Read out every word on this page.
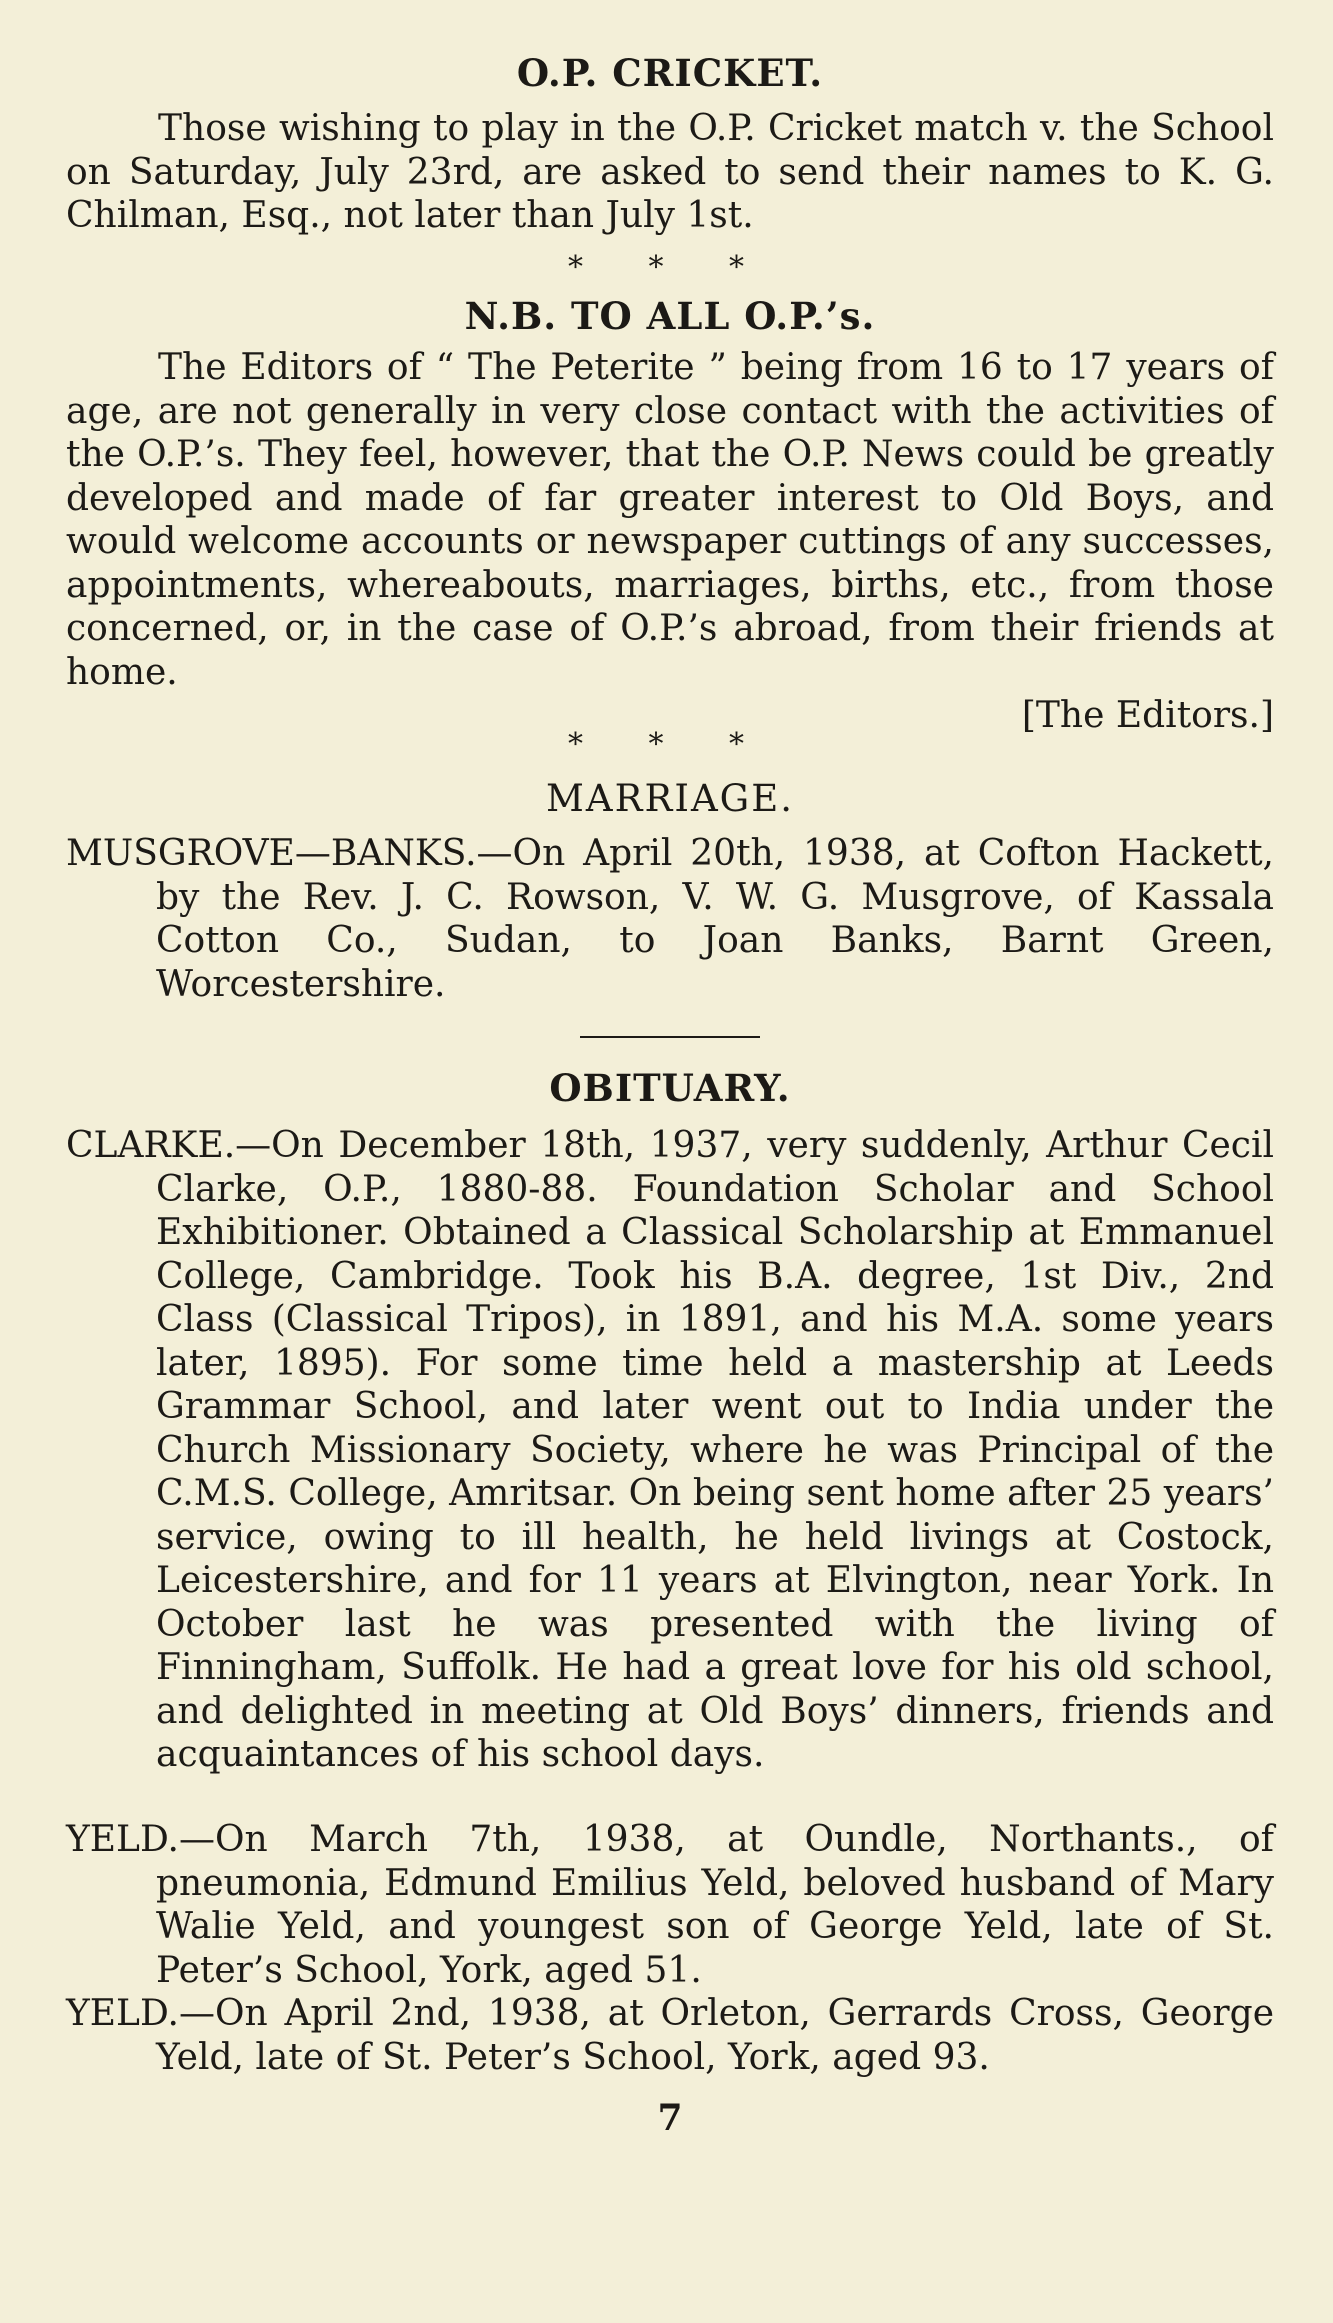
O.P. CRICKET.
Those wishing to play in the O.P. Cricket match v. the School on Saturday, July 23rd, are asked to send their names to K. G. Chilman, Esq., not later than July 1st.
* * *
N.B. TO ALL O.P.’s.
The Editors of “ The Peterite ” being from 16 to 17 years of age, are not generally in very close contact with the activities of the O.P.’s. They feel, however, that the O.P. News could be greatly developed and made of far greater interest to Old Boys, and would welcome accounts or newspaper cuttings of any successes, appointments, whereabouts, marriages, births, etc., from those concerned, or, in the case of O.P.’s abroad, from their friends at home.
[The Editors.]
* * *
MARRIAGE.
MUSGROVE—BANKS.—On April 20th, 1938, at Cofton Hackett, by the Rev. J. C. Rowson, V. W. G. Musgrove, of Kassala Cotton Co., Sudan, to Joan Banks, Barnt Green, Worcestershire.
OBITUARY.
CLARKE.—On December 18th, 1937, very suddenly, Arthur Cecil Clarke, O.P., 1880-88. Foundation Scholar and School Exhibitioner. Obtained a Classical Scholarship at Emmanuel College, Cambridge. Took his B.A. degree, 1st Div., 2nd Class (Classical Tripos), in 1891, and his M.A. some years later, 1895). For some time held a mastership at Leeds Grammar School, and later went out to India under the Church Missionary Society, where he was Principal of the C.M.S. College, Amritsar. On being sent home after 25 years’ service, owing to ill health, he held livings at Costock, Leicestershire, and for 11 years at Elvington, near York. In October last he was presented with the living of Finningham, Suffolk. He had a great love for his old school, and delighted in meeting at Old Boys’ dinners, friends and acquaintances of his school days.
YELD.—On March 7th, 1938, at Oundle, Northants., of pneumonia, Edmund Emilius Yeld, beloved husband of Mary Walie Yeld, and youngest son of George Yeld, late of St. Peter’s School, York, aged 51.
YELD.—On April 2nd, 1938, at Orleton, Gerrards Cross, George Yeld, late of St. Peter’s School, York, aged 93.
7
